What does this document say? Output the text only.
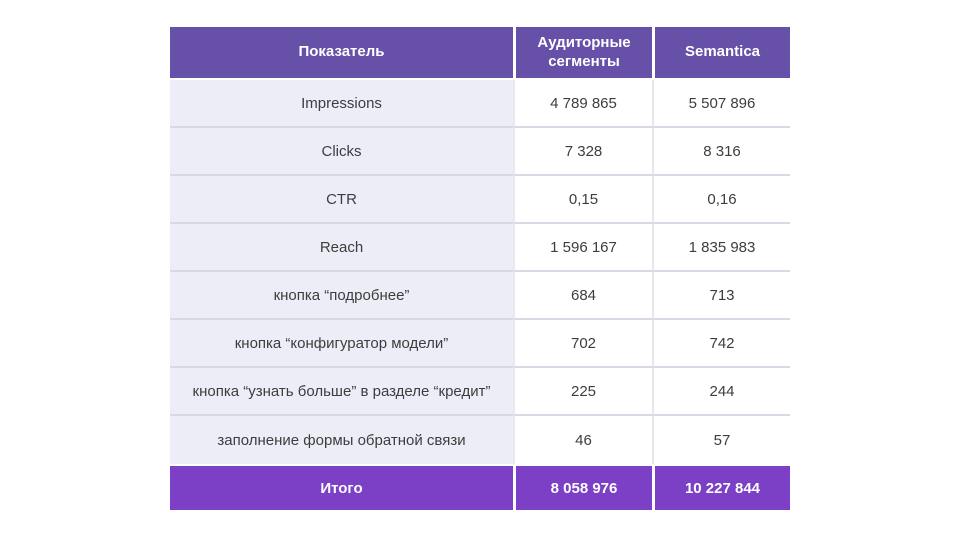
Показатель	Аудиторные сегменты	Semantica
Impressions	4 789 865	5 507 896
Clicks	7 328	8 316
CTR	0,15	0,16
Reach	1 596 167	1 835 983
кнопка “подробнее”	684	713
кнопка “конфигуратор модели”	702	742
кнопка “узнать больше” в разделе “кредит”	225	244
заполнение формы обратной связи	46	57
Итого	8 058 976	10 227 844
